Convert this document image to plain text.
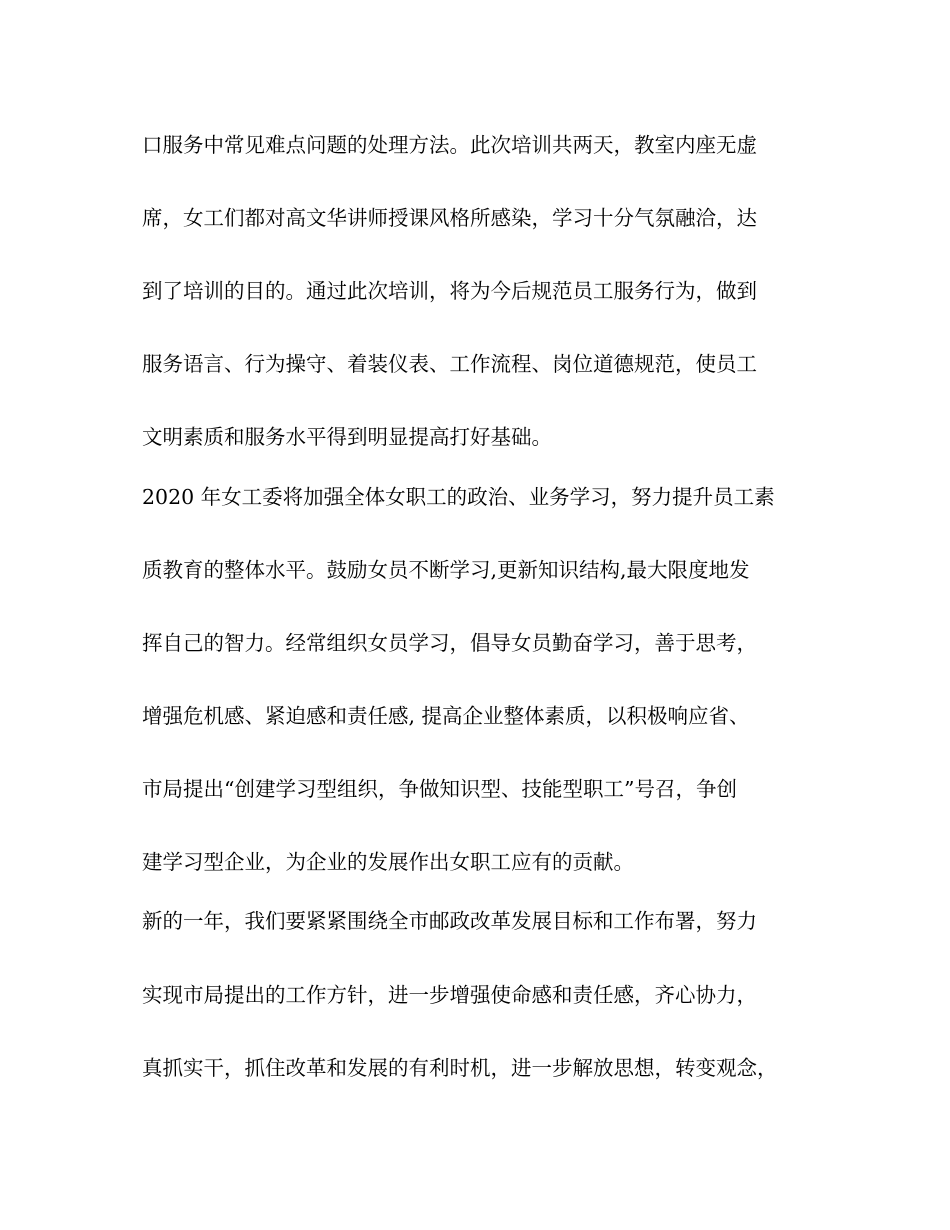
口服务中常见难点问题的处理方法。此次培训共两天，教室内座无虚
席，女工们都对高文华讲师授课风格所感染，学习十分气氛融洽，达
到了培训的目的。通过此次培训，将为今后规范员工服务行为，做到
服务语言、行为操守、着装仪表、工作流程、岗位道德规范，使员工
文明素质和服务水平得到明显提高打好基础。
2020 年女工委将加强全体女职工的政治、业务学习，努力提升员工素
质教育的整体水平。鼓励女员不断学习,更新知识结构,最大限度地发
挥自己的智力。经常组织女员学习，倡导女员勤奋学习，善于思考，
增强危机感、紧迫感和责任感, 提高企业整体素质，以积极响应省、
市局提出“创建学习型组织，争做知识型、技能型职工”号召，争创
建学习型企业，为企业的发展作出女职工应有的贡献。
新的一年，我们要紧紧围绕全市邮政改革发展目标和工作布署，努力
实现市局提出的工作方针，进一步增强使命感和责任感，齐心协力，
真抓实干，抓住改革和发展的有利时机，进一步解放思想，转变观念，
